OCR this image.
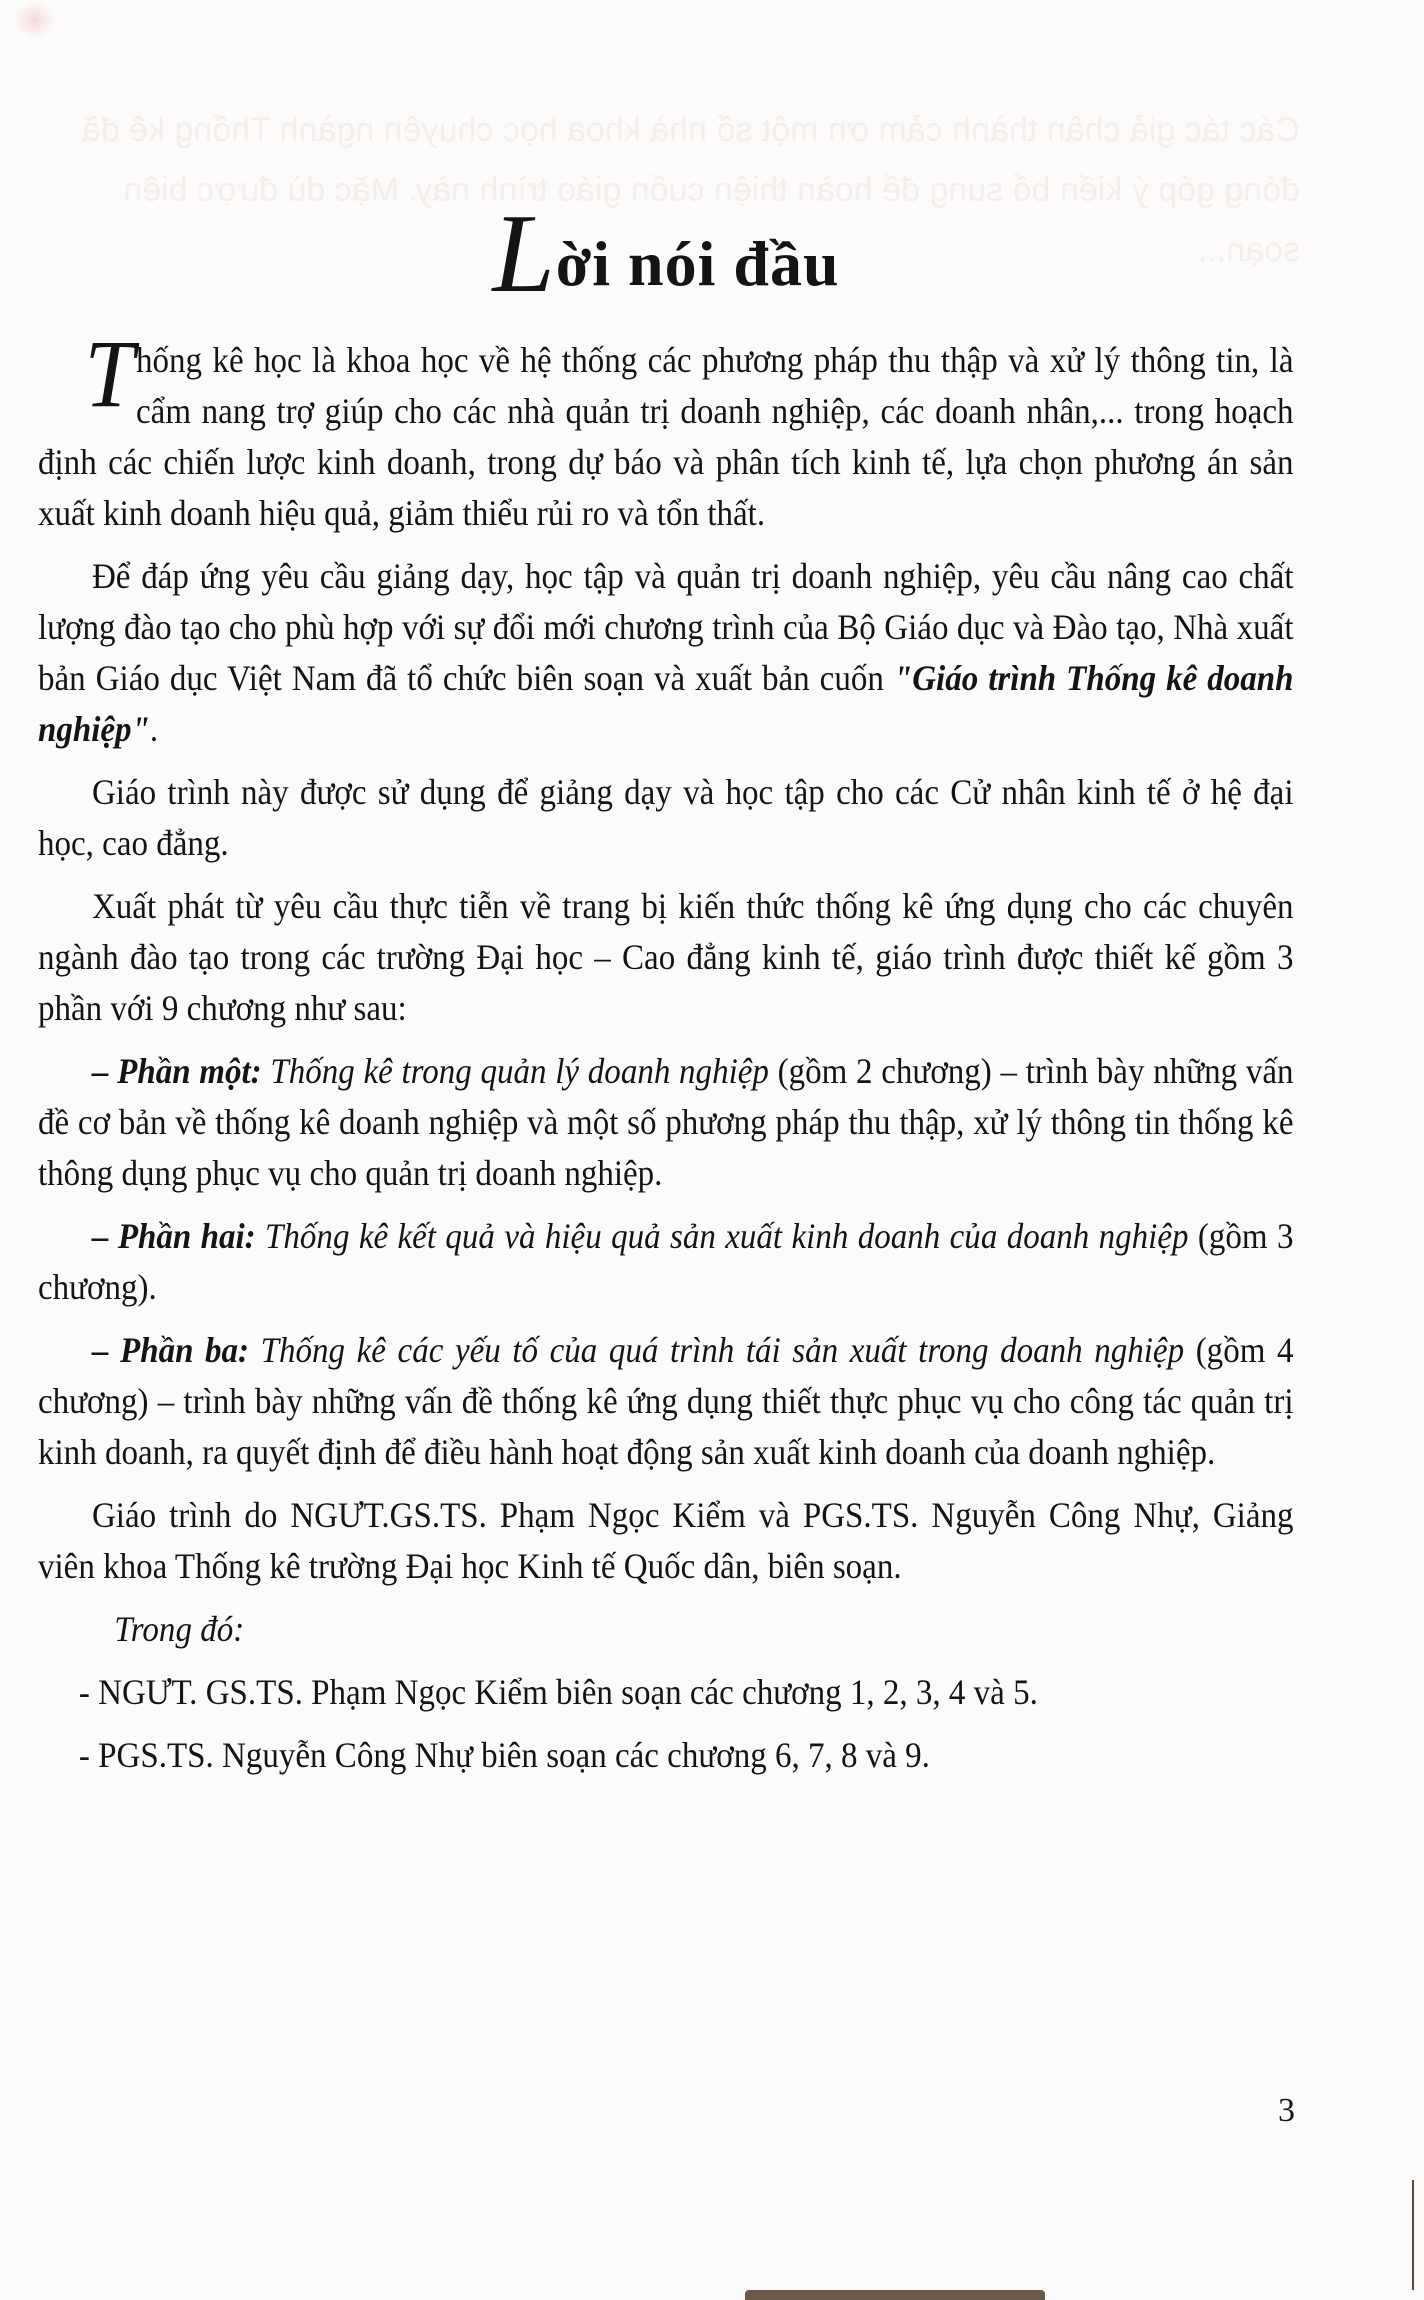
Các tác giả chân thành cảm ơn một số nhà khoa học chuyên ngành Thống kê đã đóng góp ý kiến bổ sung để hoàn thiện cuốn giáo trình này. Mặc dù được biên soạn...
Lời nói đầu

Thống kê học là khoa học về hệ thống các phương pháp thu thập và xử lý thông tin, là cẩm nang trợ giúp cho các nhà quản trị doanh nghiệp, các doanh nhân,... trong hoạch định các chiến lược kinh doanh, trong dự báo và phân tích kinh tế, lựa chọn phương án sản xuất kinh doanh hiệu quả, giảm thiểu rủi ro và tổn thất.

Để đáp ứng yêu cầu giảng dạy, học tập và quản trị doanh nghiệp, yêu cầu nâng cao chất lượng đào tạo cho phù hợp với sự đổi mới chương trình của Bộ Giáo dục và Đào tạo, Nhà xuất bản Giáo dục Việt Nam đã tổ chức biên soạn và xuất bản cuốn "Giáo trình Thống kê doanh nghiệp".

Giáo trình này được sử dụng để giảng dạy và học tập cho các Cử nhân kinh tế ở hệ đại học, cao đẳng.

Xuất phát từ yêu cầu thực tiễn về trang bị kiến thức thống kê ứng dụng cho các chuyên ngành đào tạo trong các trường Đại học – Cao đẳng kinh tế, giáo trình được thiết kế gồm 3 phần với 9 chương như sau:

– Phần một: Thống kê trong quản lý doanh nghiệp (gồm 2 chương) – trình bày những vấn đề cơ bản về thống kê doanh nghiệp và một số phương pháp thu thập, xử lý thông tin thống kê thông dụng phục vụ cho quản trị doanh nghiệp.

– Phần hai: Thống kê kết quả và hiệu quả sản xuất kinh doanh của doanh nghiệp (gồm 3 chương).

– Phần ba: Thống kê các yếu tố của quá trình tái sản xuất trong doanh nghiệp (gồm 4 chương) – trình bày những vấn đề thống kê ứng dụng thiết thực phục vụ cho công tác quản trị kinh doanh, ra quyết định để điều hành hoạt động sản xuất kinh doanh của doanh nghiệp.

Giáo trình do NGƯT.GS.TS. Phạm Ngọc Kiểm và PGS.TS. Nguyễn Công Nhự, Giảng viên khoa Thống kê trường Đại học Kinh tế Quốc dân, biên soạn.

Trong đó:
- NGƯT. GS.TS. Phạm Ngọc Kiểm biên soạn các chương 1, 2, 3, 4 và 5.
- PGS.TS. Nguyễn Công Nhự biên soạn các chương 6, 7, 8 và 9.
3
